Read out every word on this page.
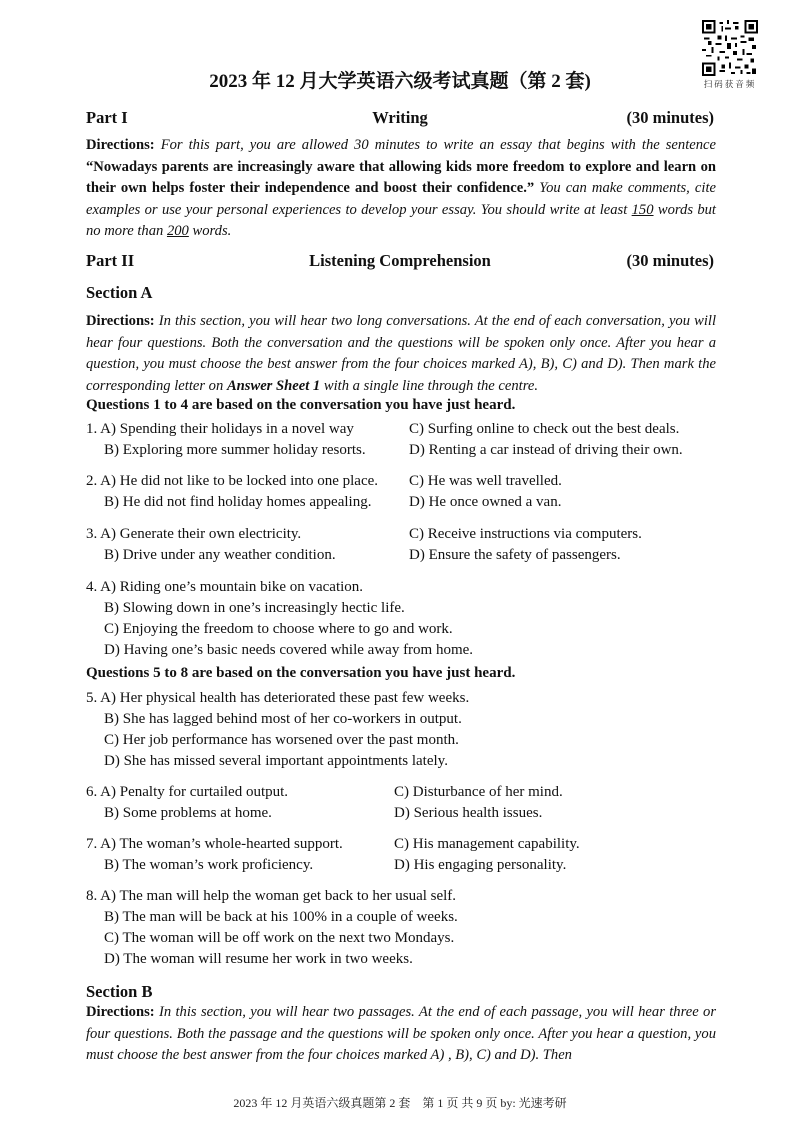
扫码获音频
2023 年 12 月大学英语六级考试真题（第 2 套)
Part I	Writing	(30 minutes)
Directions: For this part, you are allowed 30 minutes to write an essay that begins with the sentence “Nowadays parents are increasingly aware that allowing kids more freedom to explore and learn on their own helps foster their independence and boost their confidence.” You can make comments, cite examples or use your personal experiences to develop your essay. You should write at least 150 words but no more than 200 words.
Part II	Listening Comprehension	(30 minutes)
Section A
Directions: In this section, you will hear two long conversations. At the end of each conversation, you will hear four questions. Both the conversation and the questions will be spoken only once. After you hear a question, you must choose the best answer from the four choices marked A), B), C) and D). Then mark the corresponding letter on Answer Sheet 1 with a single line through the centre.
Questions 1 to 4 are based on the conversation you have just heard.
1. A) Spending their holidays in a novel way	C) Surfing online to check out the best deals.
B) Exploring more summer holiday resorts.	D) Renting a car instead of driving their own.
2. A) He did not like to be locked into one place. C) He was well travelled.
B) He did not find holiday homes appealing.	D) He once owned a van.
3. A) Generate their own electricity.	C) Receive instructions via computers.
B) Drive under any weather condition.	D) Ensure the safety of passengers.
4. A) Riding one’s mountain bike on vacation.
B) Slowing down in one’s increasingly hectic life.
C) Enjoying the freedom to choose where to go and work.
D) Having one’s basic needs covered while away from home.
Questions 5 to 8 are based on the conversation you have just heard.
5. A) Her physical health has deteriorated these past few weeks.
B) She has lagged behind most of her co-workers in output.
C) Her job performance has worsened over the past month.
D) She has missed several important appointments lately.
6. A) Penalty for curtailed output.	C) Disturbance of her mind.
B) Some problems at home.	D) Serious health issues.
7. A) The woman’s whole-hearted support.	C) His management capability.
B) The woman’s work proficiency.	D) His engaging personality.
8. A) The man will help the woman get back to her usual self.
B) The man will be back at his 100% in a couple of weeks.
C) The woman will be off work on the next two Mondays.
D) The woman will resume her work in two weeks.
Section B
Directions: In this section, you will hear two passages. At the end of each passage, you will hear three or four questions. Both the passage and the questions will be spoken only once. After you hear a question, you must choose the best answer from the four choices marked A) , B), C) and D). Then
2023 年 12 月英语六级真题第 2 套　第 1 页 共 9 页 by: 光速考研
